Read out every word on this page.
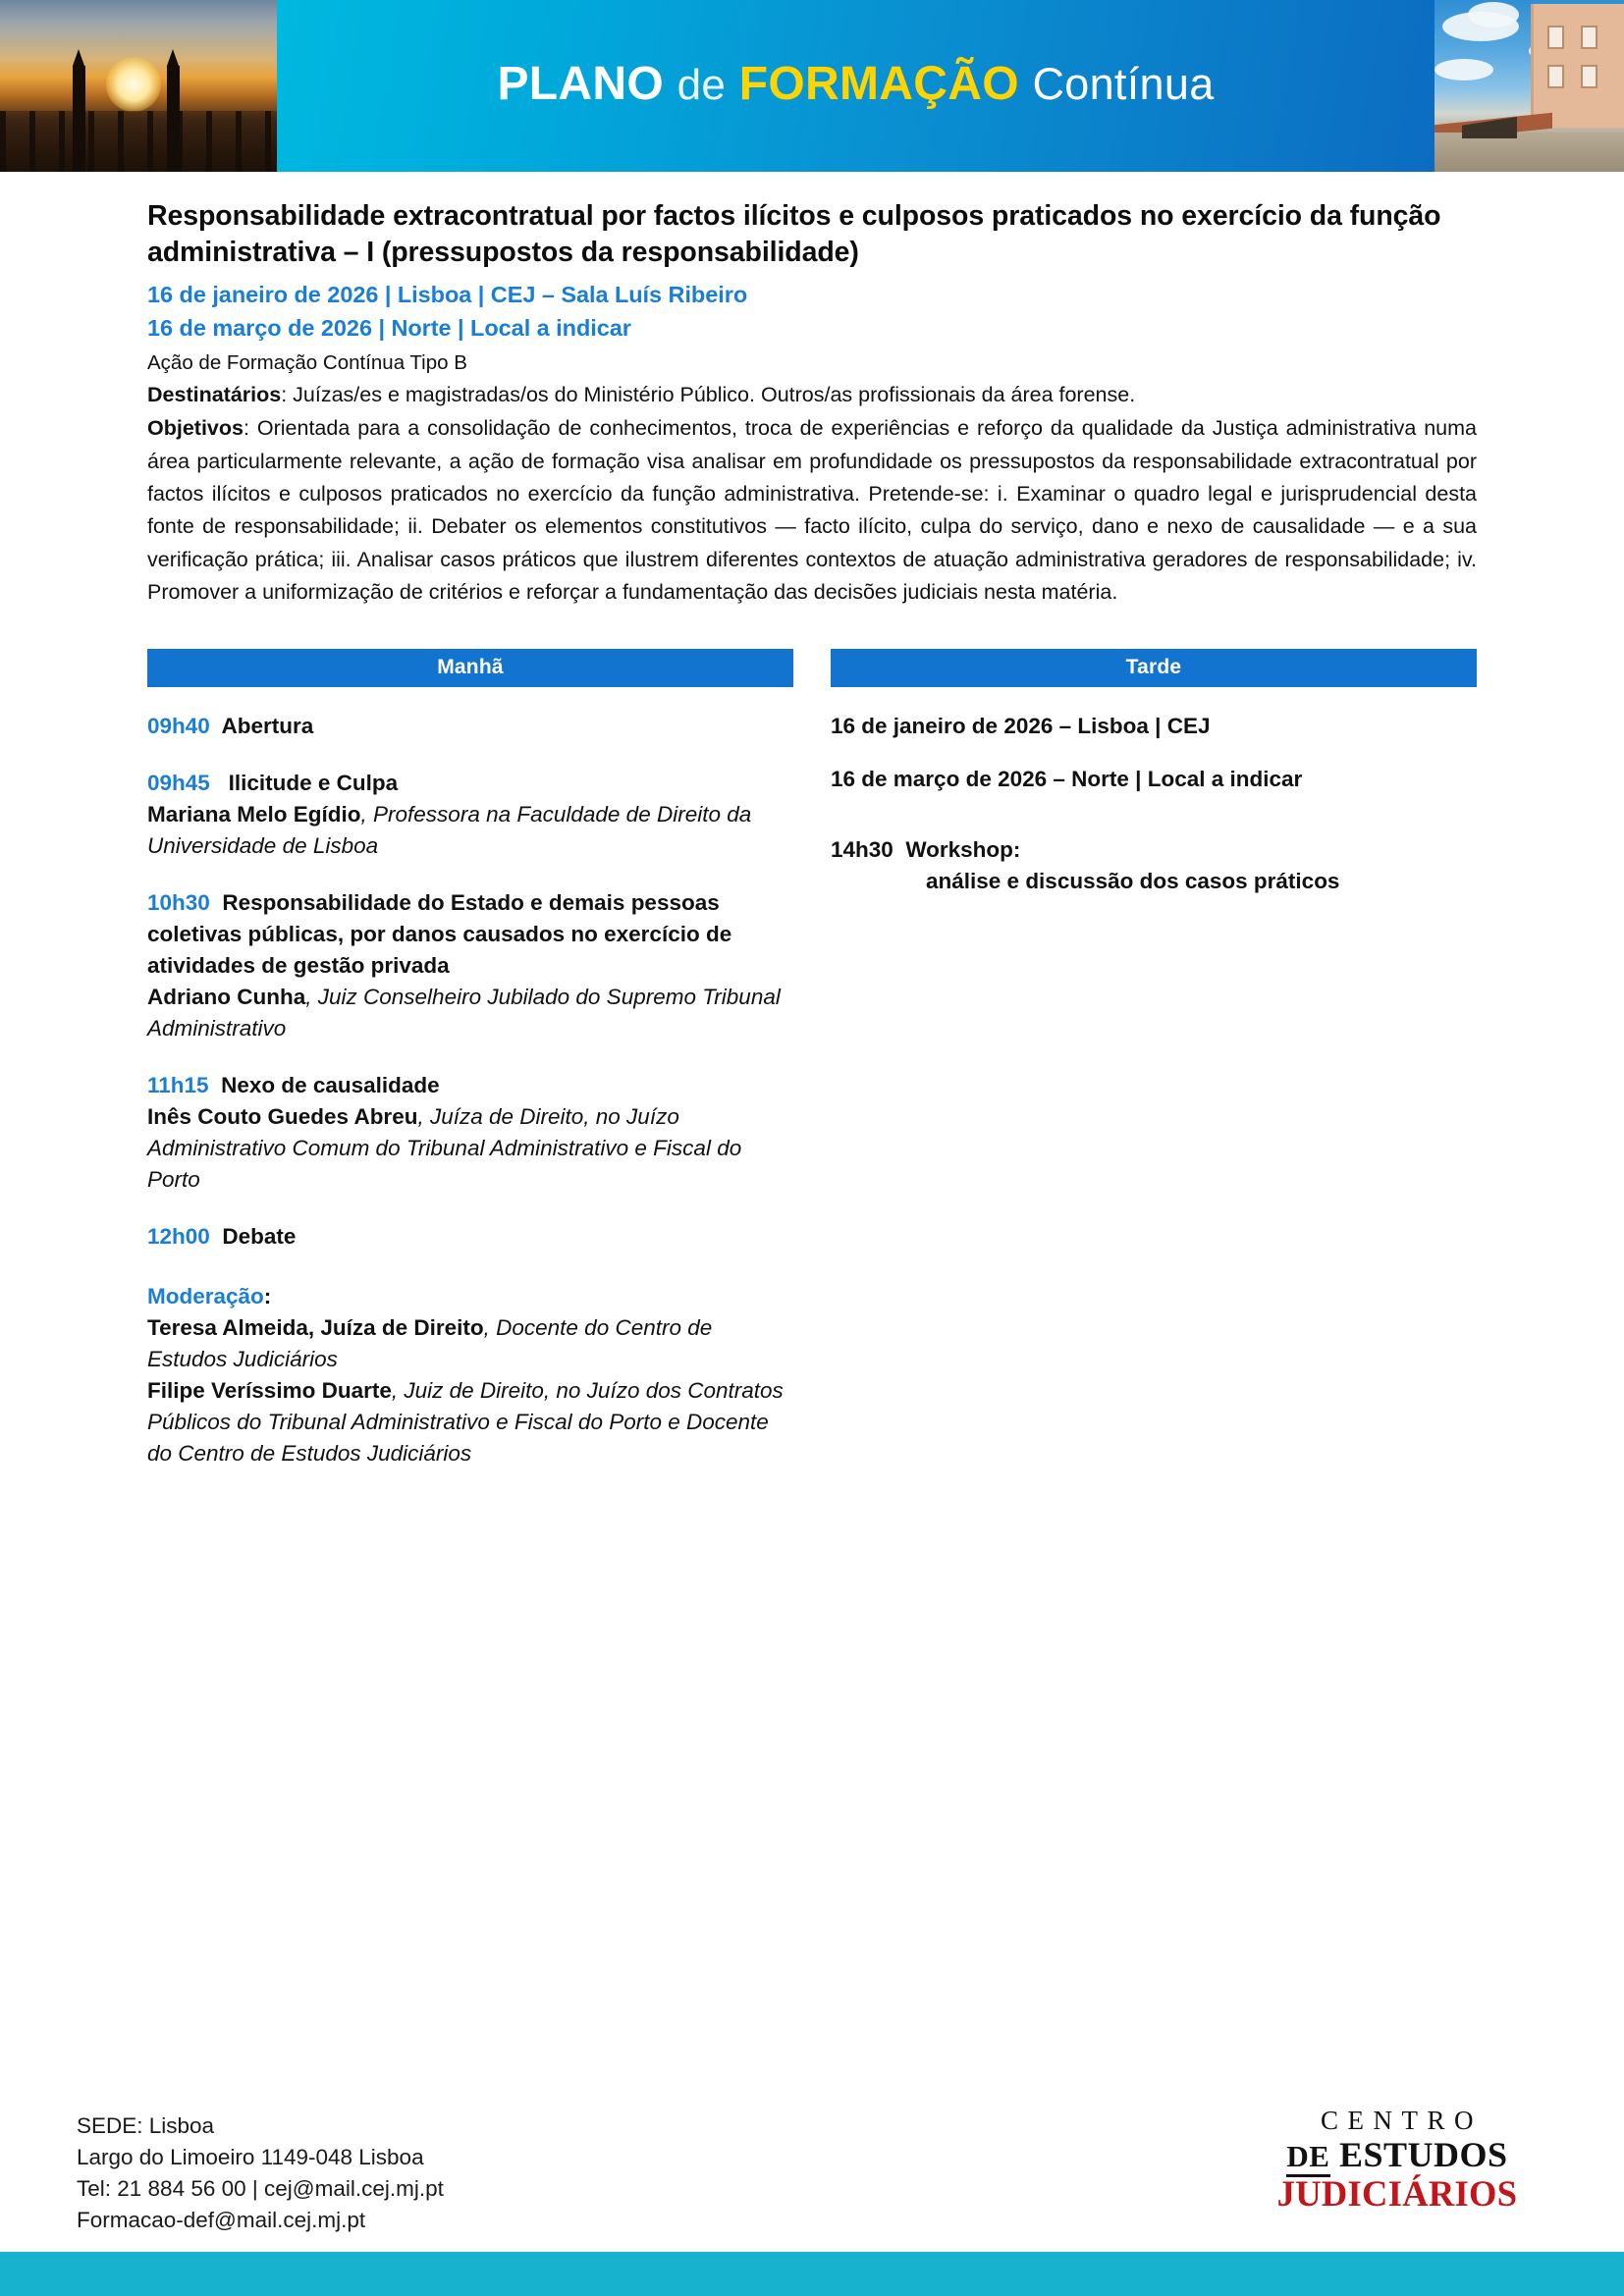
PLANO de FORMAÇÃO Contínua
Responsabilidade extracontratual por factos ilícitos e culposos praticados no exercício da função administrativa – I (pressupostos da responsabilidade)
16 de janeiro de 2026 | Lisboa | CEJ – Sala Luís Ribeiro
16 de março de 2026 | Norte | Local a indicar
Ação de Formação Contínua Tipo B
Destinatários: Juízas/es e magistradas/os do Ministério Público. Outros/as profissionais da área forense.
Objetivos: Orientada para a consolidação de conhecimentos, troca de experiências e reforço da qualidade da Justiça administrativa numa área particularmente relevante, a ação de formação visa analisar em profundidade os pressupostos da responsabilidade extracontratual por factos ilícitos e culposos praticados no exercício da função administrativa. Pretende-se: i. Examinar o quadro legal e jurisprudencial desta fonte de responsabilidade; ii. Debater os elementos constitutivos — facto ilícito, culpa do serviço, dano e nexo de causalidade — e a sua verificação prática; iii. Analisar casos práticos que ilustrem diferentes contextos de atuação administrativa geradores de responsabilidade; iv. Promover a uniformização de critérios e reforçar a fundamentação das decisões judiciais nesta matéria.
Manhã
09h40 Abertura
09h45 Ilicitude e Culpa
Mariana Melo Egídio, Professora na Faculdade de Direito da Universidade de Lisboa
10h30 Responsabilidade do Estado e demais pessoas coletivas públicas, por danos causados no exercício de atividades de gestão privada
Adriano Cunha, Juiz Conselheiro Jubilado do Supremo Tribunal Administrativo
11h15 Nexo de causalidade
Inês Couto Guedes Abreu, Juíza de Direito, no Juízo Administrativo Comum do Tribunal Administrativo e Fiscal do Porto
12h00 Debate
Moderação:
Teresa Almeida, Juíza de Direito, Docente do Centro de Estudos Judiciários
Filipe Veríssimo Duarte, Juiz de Direito, no Juízo dos Contratos Públicos do Tribunal Administrativo e Fiscal do Porto e Docente do Centro de Estudos Judiciários
Tarde
16 de janeiro de 2026 – Lisboa | CEJ
16 de março de 2026 – Norte | Local a indicar
14h30 Workshop:
análise e discussão dos casos práticos
SEDE: Lisboa
Largo do Limoeiro 1149-048 Lisboa
Tel: 21 884 56 00 | cej@mail.cej.mj.pt
Formacao-def@mail.cej.mj.pt
CENTRO
DE ESTUDOS
JUDICIÁRIOS
